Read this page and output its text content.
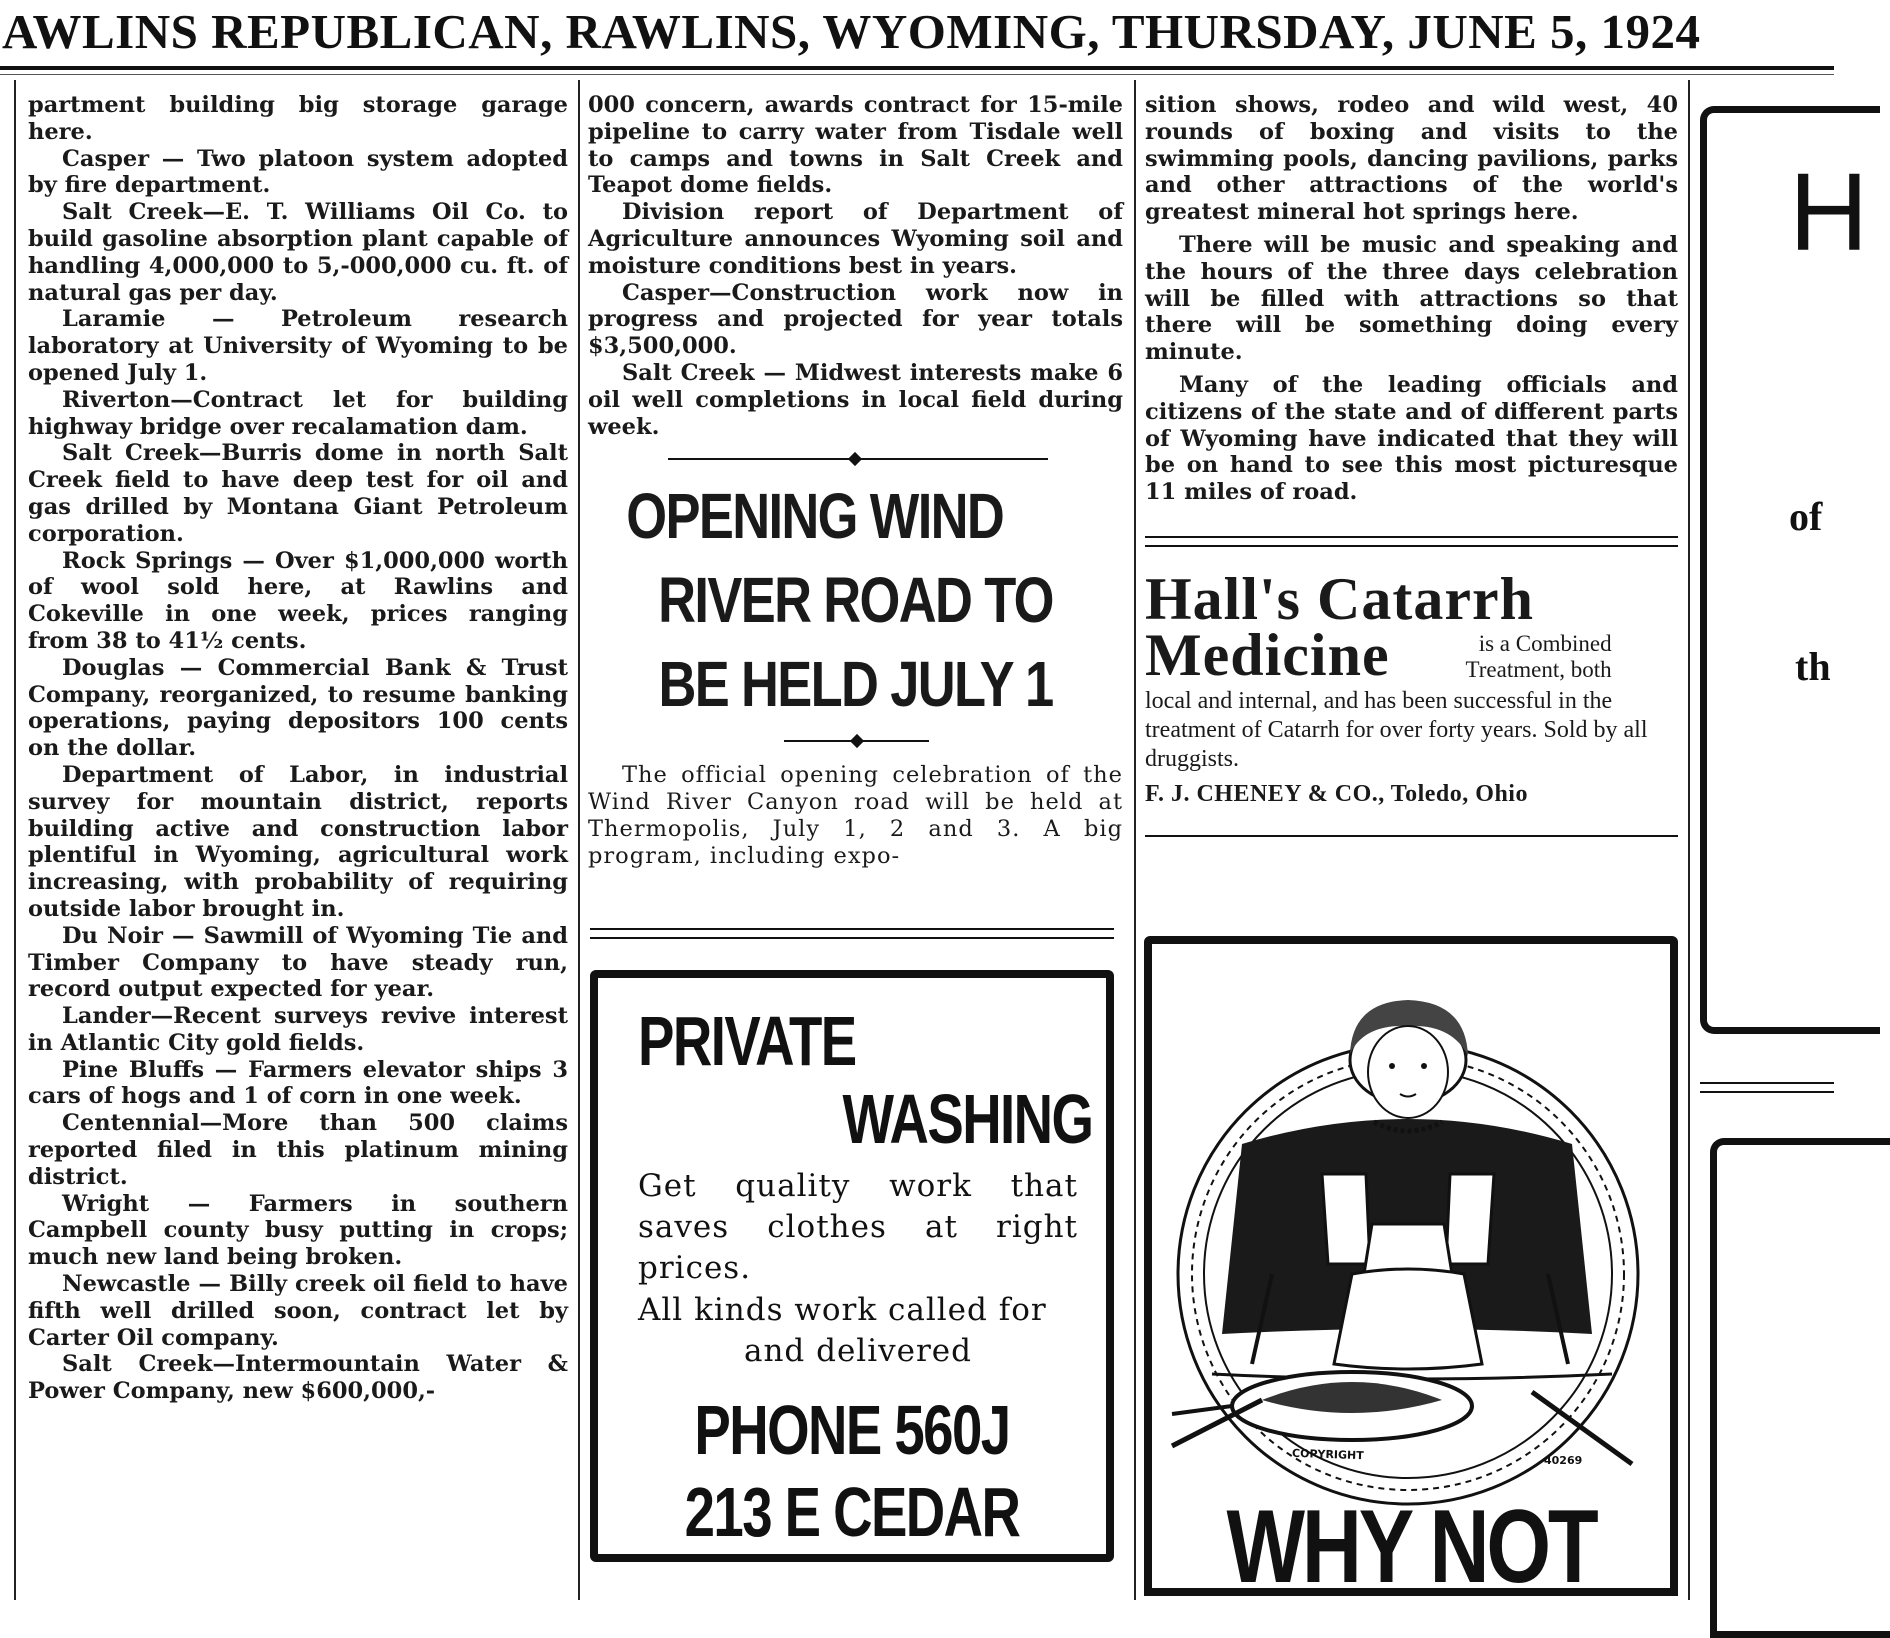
AWLINS REPUBLICAN, RAWLINS, WYOMING, THURSDAY, JUNE 5, 1924

partment building big storage garage here.

Casper — Two platoon system adopted by fire department.

Salt Creek—E. T. Williams Oil Co. to build gasoline absorption plant capable of handling 4,000,000 to 5,-000,000 cu. ft. of natural gas per day.

Laramie — Petroleum research laboratory at University of Wyoming to be opened July 1.

Riverton—Contract let for building highway bridge over recalamation dam.

Salt Creek—Burris dome in north Salt Creek field to have deep test for oil and gas drilled by Montana Giant Petroleum corporation.

Rock Springs — Over $1,000,000 worth of wool sold here, at Rawlins and Cokeville in one week, prices ranging from 38 to 41½ cents.

Douglas — Commercial Bank & Trust Company, reorganized, to resume banking operations, paying depositors 100 cents on the dollar.

Department of Labor, in industrial survey for mountain district, reports building active and construction labor plentiful in Wyoming, agricultural work increasing, with probability of requiring outside labor brought in.

Du Noir — Sawmill of Wyoming Tie and Timber Company to have steady run, record output expected for year.

Lander—Recent surveys revive interest in Atlantic City gold fields.

Pine Bluffs — Farmers elevator ships 3 cars of hogs and 1 of corn in one week.

Centennial—More than 500 claims reported filed in this platinum mining district.

Wright — Farmers in southern Campbell county busy putting in crops; much new land being broken.

Newcastle — Billy creek oil field to have fifth well drilled soon, contract let by Carter Oil company.

Salt Creek—Intermountain Water & Power Company, new $600,000,-

000 concern, awards contract for 15-mile pipeline to carry water from Tisdale well to camps and towns in Salt Creek and Teapot dome fields.

Division report of Department of Agriculture announces Wyoming soil and moisture conditions best in years.

Casper—Construction work now in progress and projected for year totals $3,500,000.

Salt Creek — Midwest interests make 6 oil well completions in local field during week.

OPENING WIND
RIVER ROAD TO
BE HELD JULY 1

The official opening celebration of the Wind River Canyon road will be held at Thermopolis, July 1, 2 and 3. A big program, including expo-

PRIVATE
WASHING
Get quality work that saves clothes at right prices.
All kinds work called for
and delivered
PHONE 560J
213 E CEDAR

sition shows, rodeo and wild west, 40 rounds of boxing and visits to the swimming pools, dancing pavilions, parks and other attractions of the world's greatest mineral hot springs here.

There will be music and speaking and the hours of the three days celebration will be filled with attractions so that there will be something doing every minute.

Many of the leading officials and citizens of the state and of different parts of Wyoming have indicated that they will be on hand to see this most picturesque 11 miles of road.

Hall's Catarrh
Medicine	is a Combined Treatment, both
local and internal, and has been successful in the treatment of Catarrh for over forty years. Sold by all druggists.
F. J. CHENEY & CO., Toledo, Ohio
COPYRIGHT	40269
WHY NOT
H
of
th
